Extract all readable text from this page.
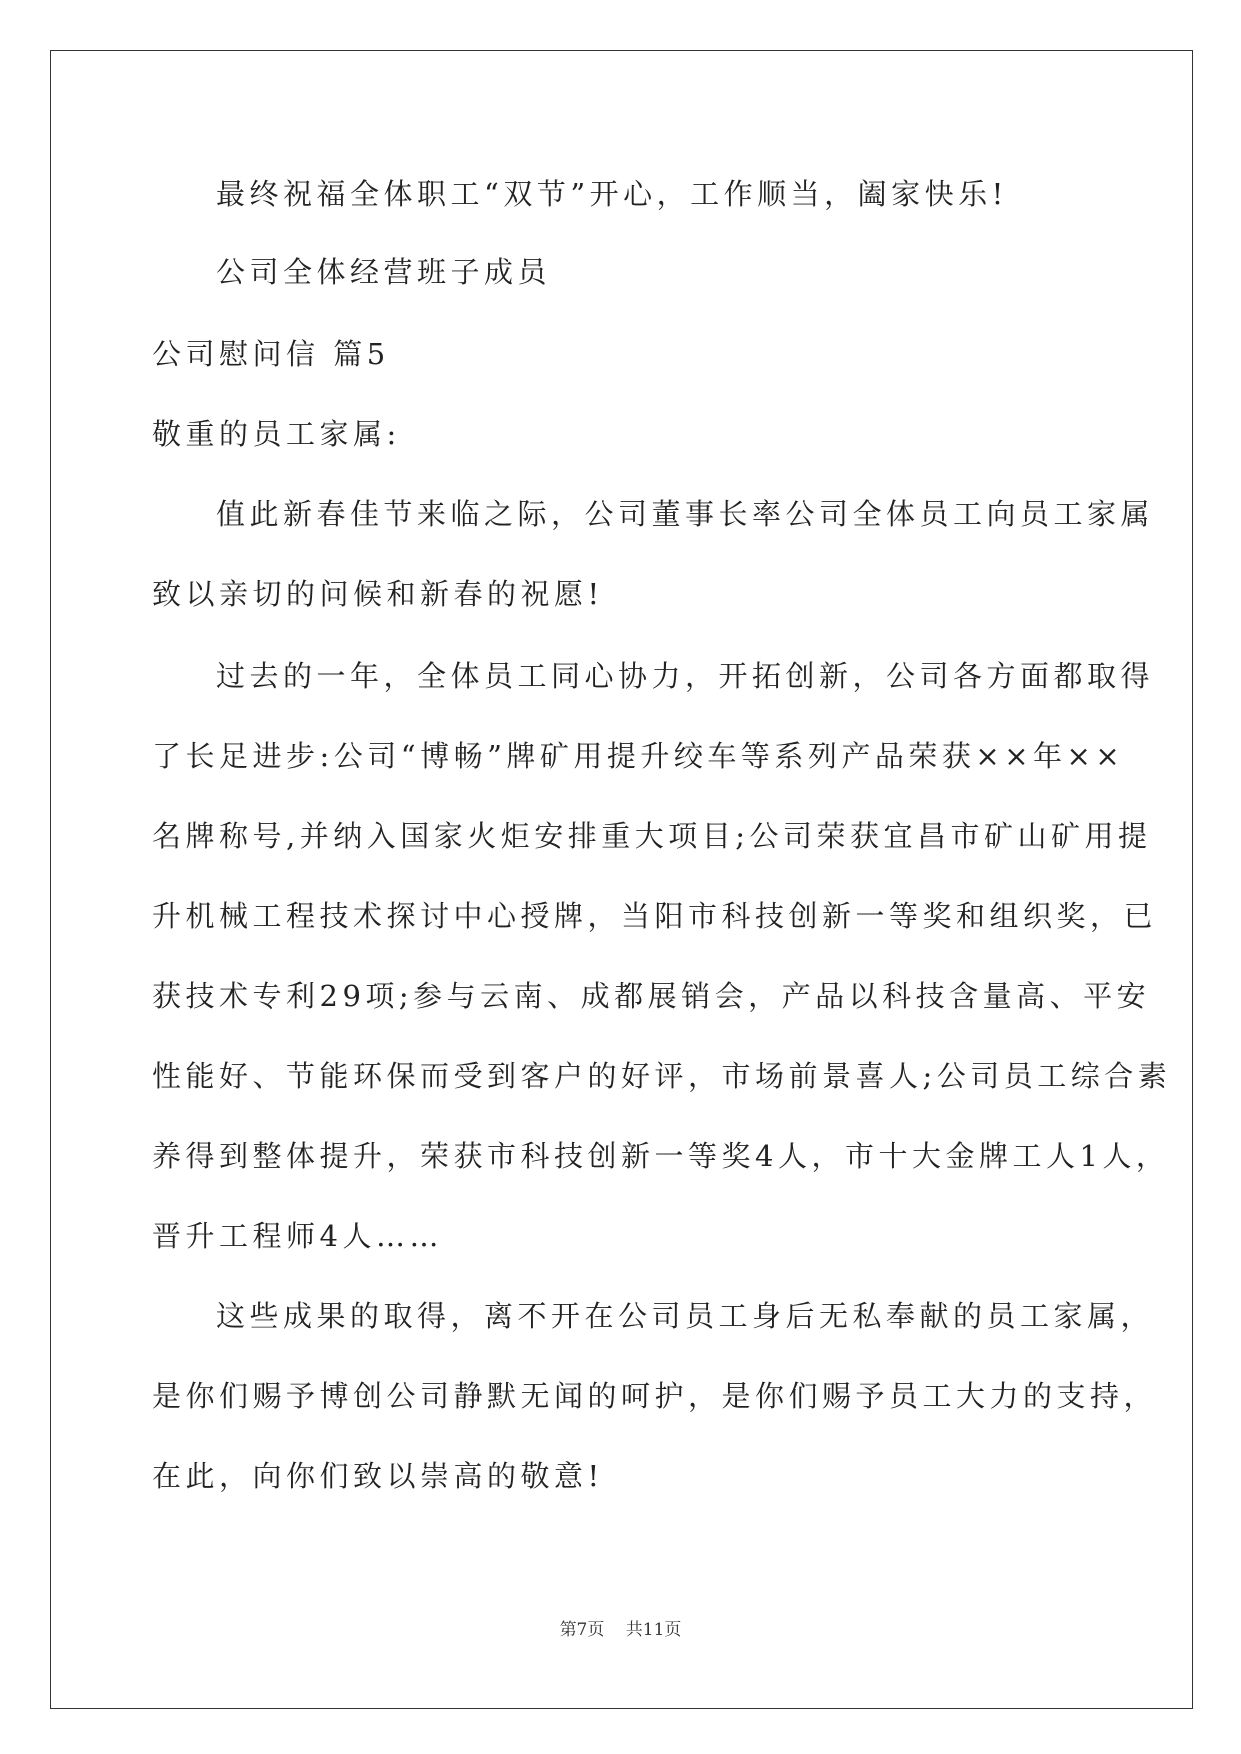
最终祝福全体职工“双节”开心，工作顺当，阖家快乐!
公司全体经营班子成员
公司慰问信 篇5
敬重的员工家属:
值此新春佳节来临之际，公司董事长率公司全体员工向员工家属
致以亲切的问候和新春的祝愿!
过去的一年，全体员工同心协力，开拓创新，公司各方面都取得
了长足进步:公司“博畅”牌矿用提升绞车等系列产品荣获××年××
名牌称号,并纳入国家火炬安排重大项目;公司荣获宜昌市矿山矿用提
升机械工程技术探讨中心授牌，当阳市科技创新一等奖和组织奖，已
获技术专利29项;参与云南、成都展销会，产品以科技含量高、平安
性能好、节能环保而受到客户的好评，市场前景喜人;公司员工综合素
养得到整体提升，荣获市科技创新一等奖4人，市十大金牌工人1人，
晋升工程师4人……
这些成果的取得，离不开在公司员工身后无私奉献的员工家属，
是你们赐予博创公司静默无闻的呵护，是你们赐予员工大力的支持，
在此，向你们致以崇高的敬意!
第7页 共11页
